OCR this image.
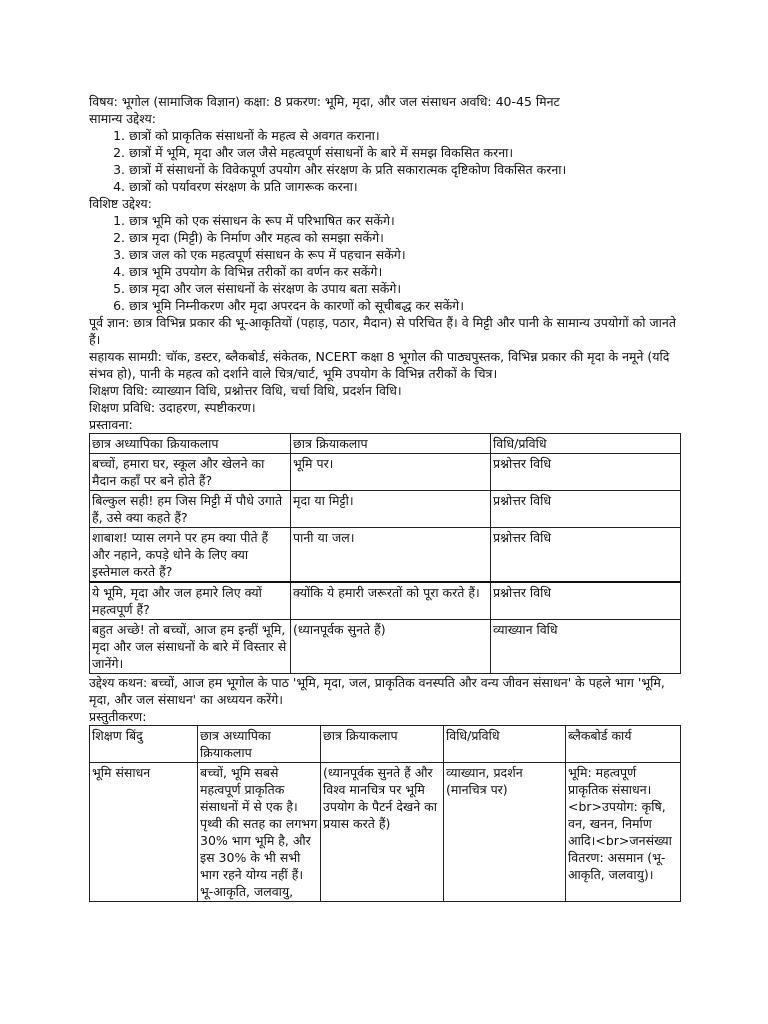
विषय: भूगोल (सामाजिक विज्ञान) कक्षा: 8 प्रकरण: भूमि, मृदा, और जल संसाधन अवधि: 40-45 मिनट

सामान्य उद्देश्य:

1. छात्रों को प्राकृतिक संसाधनों के महत्व से अवगत कराना।
2. छात्रों में भूमि, मृदा और जल जैसे महत्वपूर्ण संसाधनों के बारे में समझ विकसित करना।
3. छात्रों में संसाधनों के विवेकपूर्ण उपयोग और संरक्षण के प्रति सकारात्मक दृष्टिकोण विकसित करना।
4. छात्रों को पर्यावरण संरक्षण के प्रति जागरूक करना।

विशिष्ट उद्देश्य:

1. छात्र भूमि को एक संसाधन के रूप में परिभाषित कर सकेंगे।
2. छात्र मृदा (मिट्टी) के निर्माण और महत्व को समझा सकेंगे।
3. छात्र जल को एक महत्वपूर्ण संसाधन के रूप में पहचान सकेंगे।
4. छात्र भूमि उपयोग के विभिन्न तरीकों का वर्णन कर सकेंगे।
5. छात्र मृदा और जल संसाधनों के संरक्षण के उपाय बता सकेंगे।
6. छात्र भूमि निम्नीकरण और मृदा अपरदन के कारणों को सूचीबद्ध कर सकेंगे।

पूर्व ज्ञान: छात्र विभिन्न प्रकार की भू-आकृतियों (पहाड़, पठार, मैदान) से परिचित हैं। वे मिट्टी और पानी के सामान्य उपयोगों को जानते हैं।

सहायक सामग्री: चॉक, डस्टर, ब्लैकबोर्ड, संकेतक, NCERT कक्षा 8 भूगोल की पाठ्यपुस्तक, विभिन्न प्रकार की मृदा के नमूने (यदि संभव हो), पानी के महत्व को दर्शाने वाले चित्र/चार्ट, भूमि उपयोग के विभिन्न तरीकों के चित्र।

शिक्षण विधि: व्याख्यान विधि, प्रश्नोत्तर विधि, चर्चा विधि, प्रदर्शन विधि।

शिक्षण प्रविधि: उदाहरण, स्पष्टीकरण।

प्रस्तावना:

छात्र अध्यापिका क्रियाकलाप	छात्र क्रियाकलाप	विधि/प्रविधि
बच्चों, हमारा घर, स्कूल और खेलने का मैदान कहाँ पर बने होते हैं?	भूमि पर।	प्रश्नोत्तर विधि
बिल्कुल सही! हम जिस मिट्टी में पौधे उगाते हैं, उसे क्या कहते हैं?	मृदा या मिट्टी।	प्रश्नोत्तर विधि
शाबाश! प्यास लगने पर हम क्या पीते हैं और नहाने, कपड़े धोने के लिए क्या इस्तेमाल करते हैं?	पानी या जल।	प्रश्नोत्तर विधि
ये भूमि, मृदा और जल हमारे लिए क्यों महत्वपूर्ण हैं?	क्योंकि ये हमारी जरूरतों को पूरा करते हैं।	प्रश्नोत्तर विधि
बहुत अच्छे! तो बच्चों, आज हम इन्हीं भूमि, मृदा और जल संसाधनों के बारे में विस्तार से जानेंगे।	(ध्यानपूर्वक सुनते हैं)	व्याख्यान विधि

उद्देश्य कथन: बच्चों, आज हम भूगोल के पाठ 'भूमि, मृदा, जल, प्राकृतिक वनस्पति और वन्य जीवन संसाधन' के पहले भाग 'भूमि, मृदा, और जल संसाधन' का अध्ययन करेंगे।

प्रस्तुतीकरण:

शिक्षण बिंदु	छात्र अध्यापिका क्रियाकलाप	छात्र क्रियाकलाप	विधि/प्रविधि	ब्लैकबोर्ड कार्य
भूमि संसाधन	बच्चों, भूमि सबसे महत्वपूर्ण प्राकृतिक संसाधनों में से एक है। पृथ्वी की सतह का लगभग 30% भाग भूमि है, और इस 30% के भी सभी भाग रहने योग्य नहीं हैं। भू-आकृति, जलवायु,	(ध्यानपूर्वक सुनते हैं और विश्व मानचित्र पर भूमि उपयोग के पैटर्न देखने का प्रयास करते हैं)	व्याख्यान, प्रदर्शन (मानचित्र पर)	भूमि: महत्वपूर्ण प्राकृतिक संसाधन।<br>उपयोग: कृषि, वन, खनन, निर्माण आदि।<br>जनसंख्या वितरण: असमान (भू-आकृति, जलवायु)।
